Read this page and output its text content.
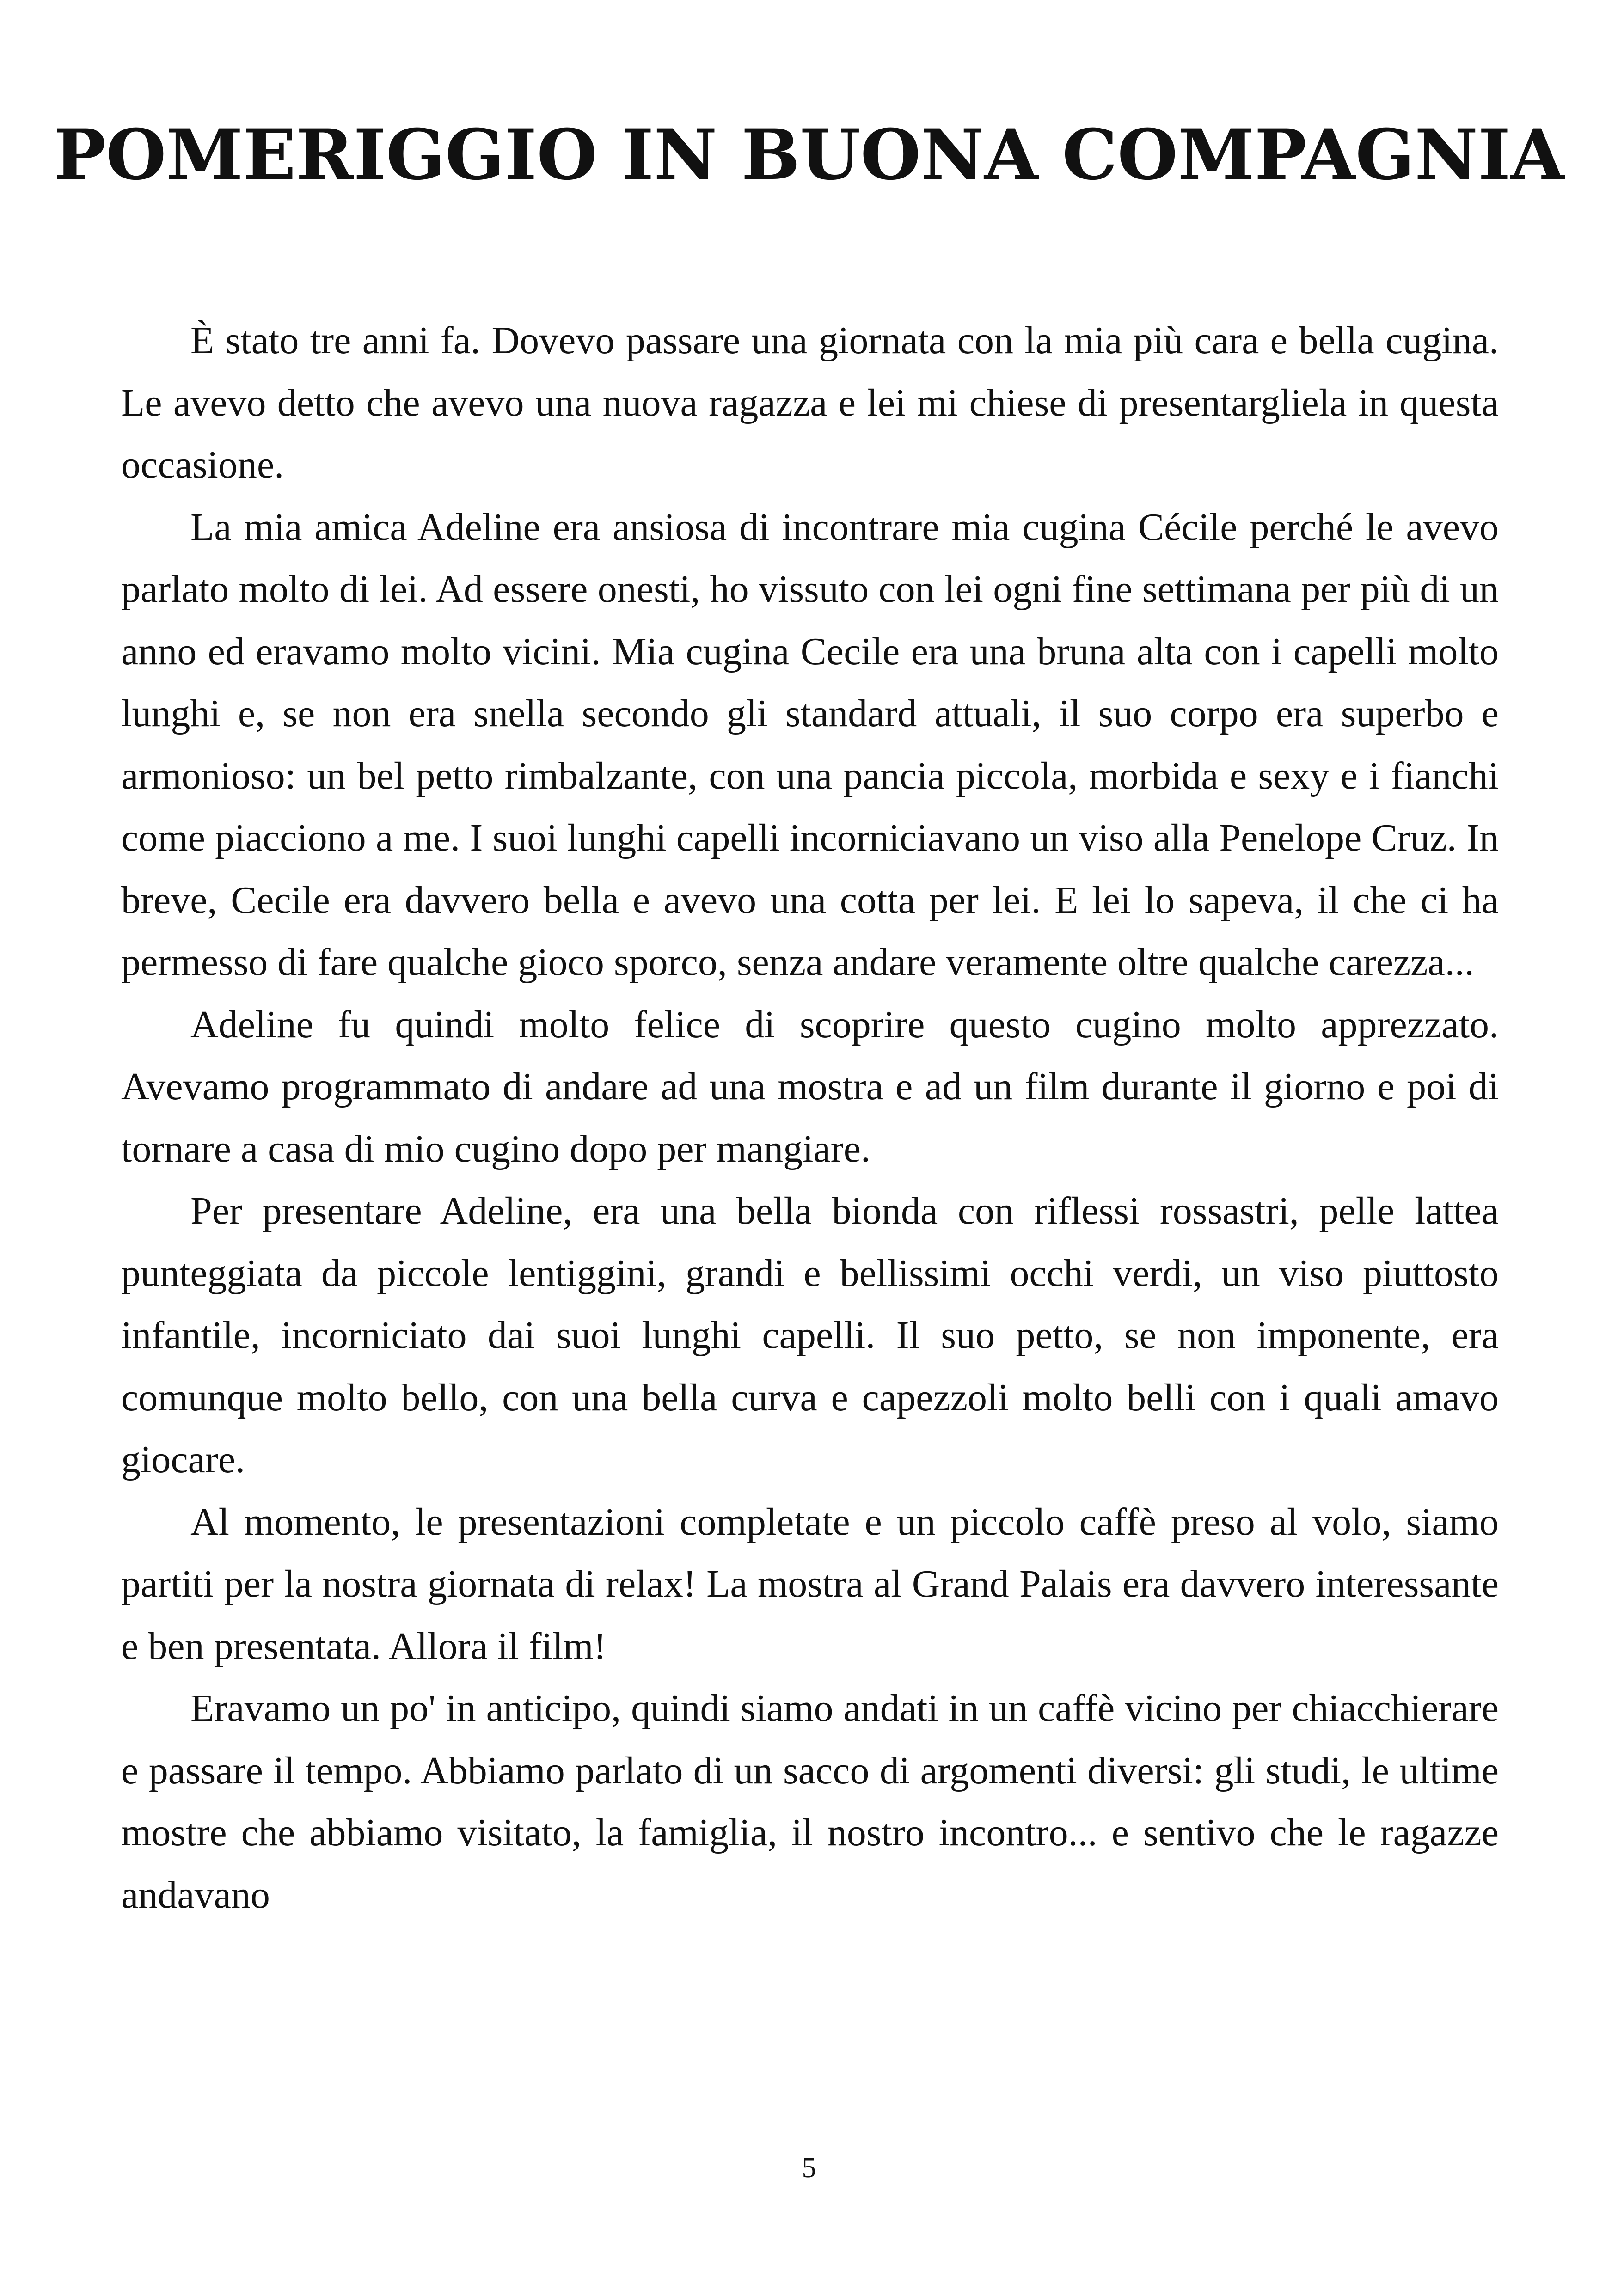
POMERIGGIO IN BUONA COMPAGNIA

È stato tre anni fa. Dovevo passare una giornata con la mia più cara e bella cugina. Le avevo detto che avevo una nuova ragazza e lei mi chiese di presentargliela in questa occasione.

La mia amica Adeline era ansiosa di incontrare mia cugina Cécile perché le avevo parlato molto di lei. Ad essere onesti, ho vissuto con lei ogni fine settimana per più di un anno ed eravamo molto vicini. Mia cugina Cecile era una bruna alta con i capelli molto lunghi e, se non era snella secondo gli standard attuali, il suo corpo era superbo e armonioso: un bel petto rimbalzante, con una pancia piccola, morbida e sexy e i fianchi come piacciono a me. I suoi lunghi capelli incorniciavano un viso alla Penelope Cruz. In breve, Cecile era davvero bella e avevo una cotta per lei. E lei lo sapeva, il che ci ha permesso di fare qualche gioco sporco, senza andare veramente oltre qualche carezza...

Adeline fu quindi molto felice di scoprire questo cugino molto apprezzato. Avevamo programmato di andare ad una mostra e ad un film durante il giorno e poi di tornare a casa di mio cugino dopo per mangiare.

Per presentare Adeline, era una bella bionda con riflessi rossastri, pelle lattea punteggiata da piccole lentiggini, grandi e bellissimi occhi verdi, un viso piuttosto infantile, incorniciato dai suoi lunghi capelli. Il suo petto, se non imponente, era comunque molto bello, con una bella curva e capezzoli molto belli con i quali amavo giocare.

Al momento, le presentazioni completate e un piccolo caffè preso al volo, siamo partiti per la nostra giornata di relax! La mostra al Grand Palais era davvero interessante e ben presentata. Allora il film!

Eravamo un po' in anticipo, quindi siamo andati in un caffè vicino per chiacchierare e passare il tempo. Abbiamo parlato di un sacco di argomenti diversi: gli studi, le ultime mostre che abbiamo visitato, la famiglia, il nostro incontro... e sentivo che le ragazze andavano

5
